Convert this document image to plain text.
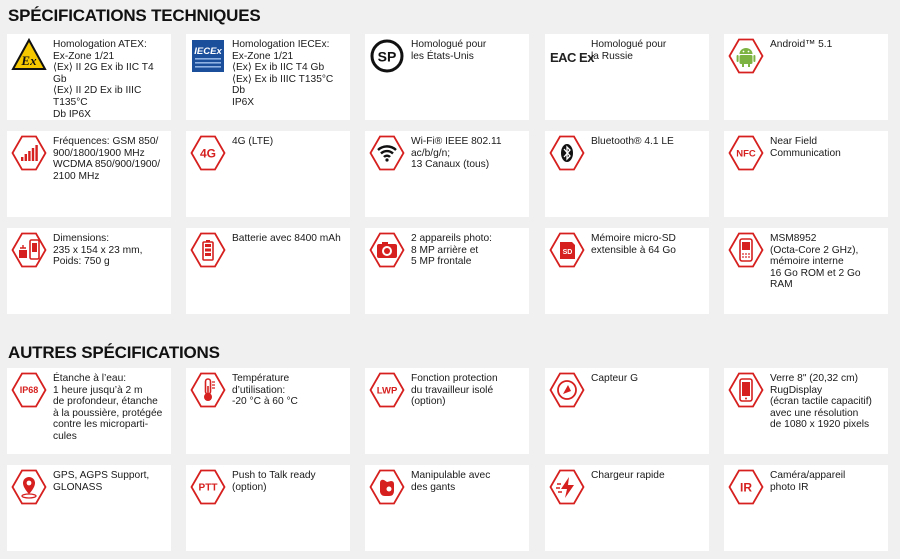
SPÉCIFICATIONS TECHNIQUES
Ex
Homologation ATEX:
Ex-Zone 1/21
⟨Ex⟩ II 2G Ex ib IIC T4 Gb
⟨Ex⟩ II 2D Ex ib IIIC T135°C
Db IP6X
IECEx
Homologation IECEx:
Ex-Zone 1/21
⟨Ex⟩ Ex ib IIC T4 Gb
⟨Ex⟩ Ex ib IIIC T135°C Db
IP6X
SP
Homologué pour
les États-Unis	EAC Ex
Homologué pour
la Russie
Android™ 5.1
Fréquences: GSM 850/
900/1800/1900 MHz
WCDMA 850/900/1900/
2100 MHz
4G
4G (LTE)	Wi-Fi® IEEE 802.11
ac/b/g/n;
13 Canaux (tous)
Bluetooth® 4.1 LE
NFC
Near Field
Communication
Dimensions:
235 x 154 x 23 mm,
Poids: 750 g
Batterie avec 8400 mAh	2 appareils photo:
8 MP arrière et
5 MP frontale
SD
Mémoire micro-SD
extensible à 64 Go
MSM8952
(Octa-Core 2 GHz),
mémoire interne
16 Go ROM et 2 Go RAM
AUTRES SPÉCIFICATIONS
IP68
Étanche à l’eau:
1 heure jusqu’à 2 m
de profondeur, étanche
à la poussière, protégée
contre les microparti-
cules
Température
d’utilisation:
-20 °C à 60 °C
LWP
Fonction protection
du travailleur isolé
(option)
Capteur G	Verre 8" (20,32 cm)
RugDisplay
(écran tactile capacitif)
avec une résolution
de 1080 x 1920 pixels
GPS, AGPS Support,
GLONASS	PTT
Push to Talk ready
(option)
Manipulable avec
des gants
Chargeur rapide
IR
Caméra/appareil
photo IR
